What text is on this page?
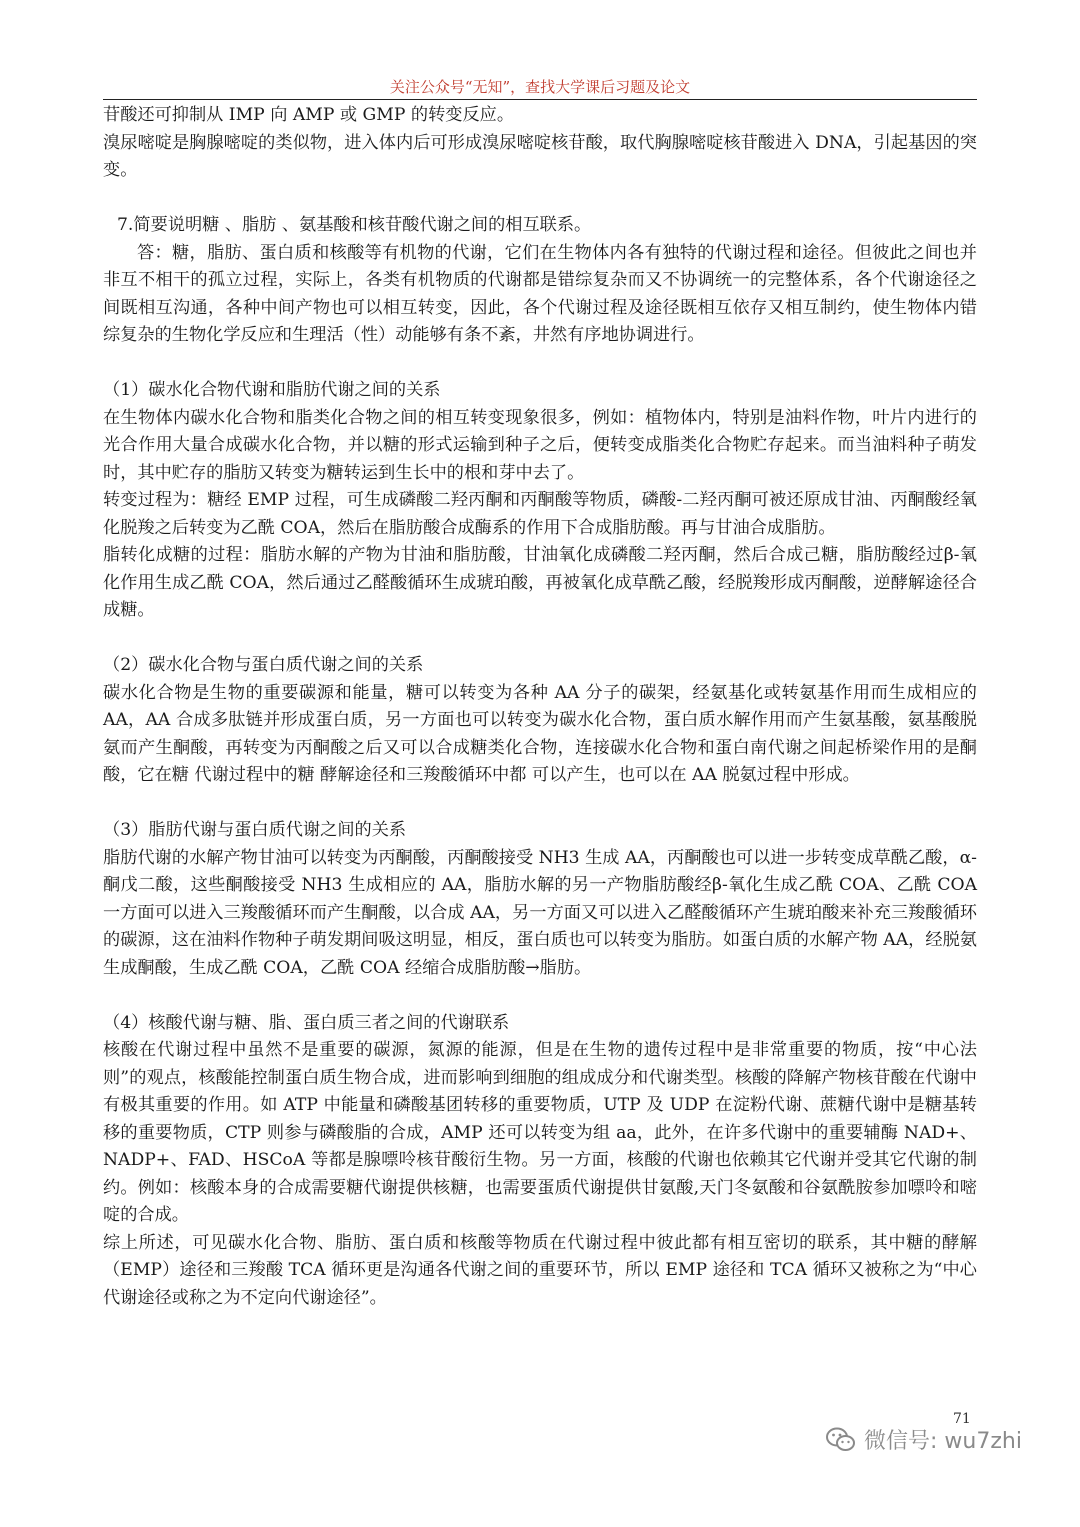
关注公众号“无知”，查找大学课后习题及论文

苷酸还可抑制从 IMP 向 AMP 或 GMP 的转变反应。

溴尿嘧啶是胸腺嘧啶的类似物，进入体内后可形成溴尿嘧啶核苷酸，取代胸腺嘧啶核苷酸进入 DNA，引起基因的突变。

7.简要说明糖 、脂肪 、氨基酸和核苷酸代谢之间的相互联系。

答：糖，脂肪、蛋白质和核酸等有机物的代谢，它们在生物体内各有独特的代谢过程和途径。但彼此之间也并非互不相干的孤立过程，实际上，各类有机物质的代谢都是错综复杂而又不协调统一的完整体系，各个代谢途径之间既相互沟通，各种中间产物也可以相互转变，因此，各个代谢过程及途径既相互依存又相互制约，使生物体内错综复杂的生物化学反应和生理活（性）动能够有条不紊，井然有序地协调进行。

（1）碳水化合物代谢和脂肪代谢之间的关系

在生物体内碳水化合物和脂类化合物之间的相互转变现象很多，例如：植物体内，特别是油料作物，叶片内进行的光合作用大量合成碳水化合物，并以糖的形式运输到种子之后，便转变成脂类化合物贮存起来。而当油料种子萌发时，其中贮存的脂肪又转变为糖转运到生长中的根和芽中去了。

转变过程为：糖经 EMP 过程，可生成磷酸二羟丙酮和丙酮酸等物质，磷酸-二羟丙酮可被还原成甘油、丙酮酸经氧化脱羧之后转变为乙酰 COA，然后在脂肪酸合成酶系的作用下合成脂肪酸。再与甘油合成脂肪。

脂转化成糖的过程：脂肪水解的产物为甘油和脂肪酸，甘油氧化成磷酸二羟丙酮，然后合成己糖，脂肪酸经过β-氧化作用生成乙酰 COA，然后通过乙醛酸循环生成琥珀酸，再被氧化成草酰乙酸，经脱羧形成丙酮酸，逆酵解途径合成糖。

（2）碳水化合物与蛋白质代谢之间的关系

碳水化合物是生物的重要碳源和能量，糖可以转变为各种 AA 分子的碳架，经氨基化或转氨基作用而生成相应的 AA，AA 合成多肽链并形成蛋白质，另一方面也可以转变为碳水化合物，蛋白质水解作用而产生氨基酸，氨基酸脱氨而产生酮酸，再转变为丙酮酸之后又可以合成糖类化合物，连接碳水化合物和蛋白南代谢之间起桥梁作用的是酮酸，它在糖 代谢过程中的糖 酵解途径和三羧酸循环中都 可以产生，也可以在 AA 脱氨过程中形成。

（3）脂肪代谢与蛋白质代谢之间的关系

脂肪代谢的水解产物甘油可以转变为丙酮酸，丙酮酸接受 NH3 生成 AA，丙酮酸也可以进一步转变成草酰乙酸，α-酮戊二酸，这些酮酸接受 NH3 生成相应的 AA，脂肪水解的另一产物脂肪酸经β-氧化生成乙酰 COA、乙酰 COA 一方面可以进入三羧酸循环而产生酮酸，以合成 AA，另一方面又可以进入乙醛酸循环产生琥珀酸来补充三羧酸循环的碳源，这在油料作物种子萌发期间吸这明显，相反，蛋白质也可以转变为脂肪。如蛋白质的水解产物 AA，经脱氨生成酮酸，生成乙酰 COA，乙酰 COA 经缩合成脂肪酸→脂肪。

（4）核酸代谢与糖、脂、蛋白质三者之间的代谢联系

核酸在代谢过程中虽然不是重要的碳源，氮源的能源，但是在生物的遗传过程中是非常重要的物质，按“中心法则”的观点，核酸能控制蛋白质生物合成，进而影响到细胞的组成成分和代谢类型。核酸的降解产物核苷酸在代谢中有极其重要的作用。如 ATP 中能量和磷酸基团转移的重要物质，UTP 及 UDP 在淀粉代谢、蔗糖代谢中是糖基转移的重要物质，CTP 则参与磷酸脂的合成，AMP 还可以转变为组 aa，此外，在许多代谢中的重要辅酶 NAD+、NADP+、FAD、HSCoA 等都是腺嘌呤核苷酸衍生物。另一方面，核酸的代谢也依赖其它代谢并受其它代谢的制约。例如：核酸本身的合成需要糖代谢提供核糖，也需要蛋质代谢提供甘氨酸,天门冬氨酸和谷氨酰胺参加嘌呤和嘧啶的合成。

综上所述，可见碳水化合物、脂肪、蛋白质和核酸等物质在代谢过程中彼此都有相互密切的联系，其中糖的酵解（EMP）途径和三羧酸 TCA 循环更是沟通各代谢之间的重要环节，所以 EMP 途径和 TCA 循环又被称之为“中心代谢途径或称之为不定向代谢途径”。

71
微信号: wu7zhi
